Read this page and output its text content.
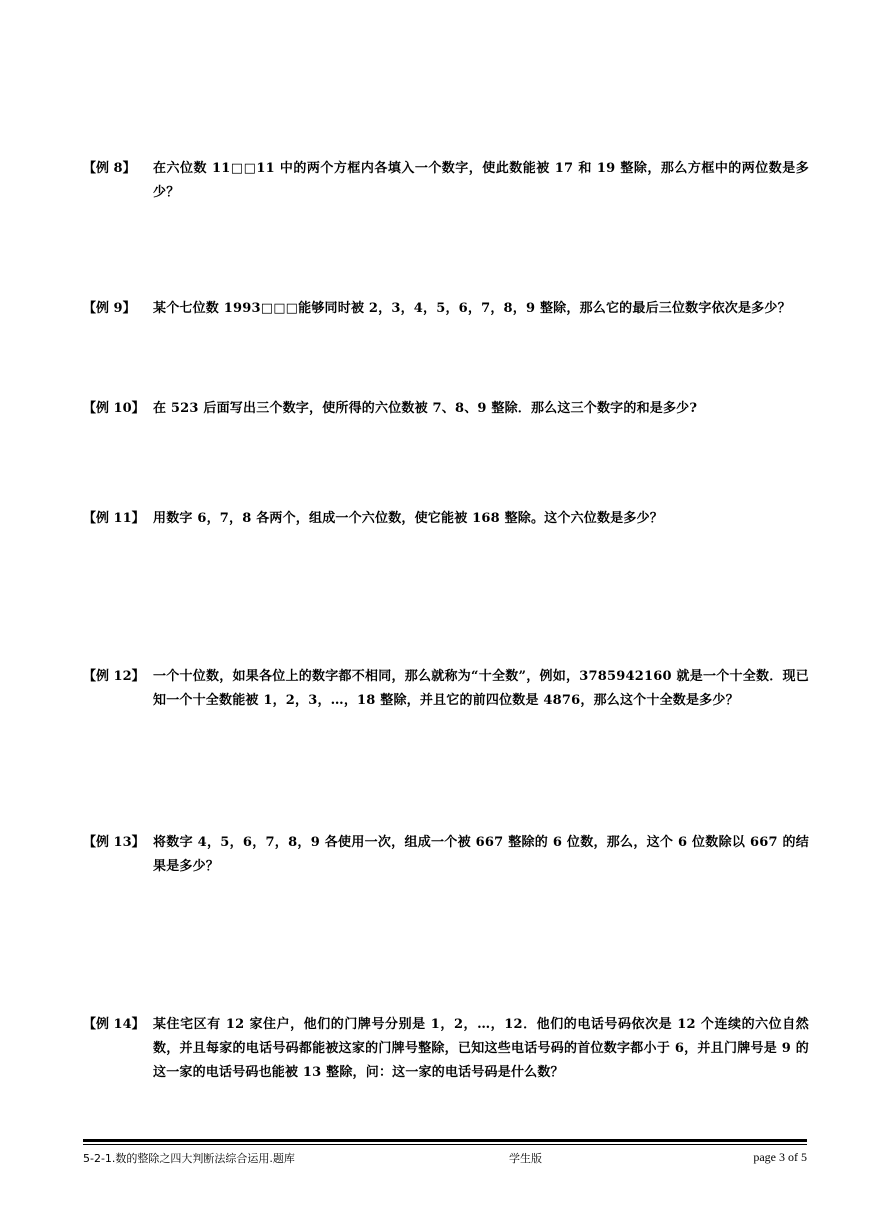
【例 8】	在六位数 11□□11 中的两个方框内各填入一个数字，使此数能被 17 和 19 整除，那么方框中的两位数是多少？
【例 9】	某个七位数 1993□□□能够同时被 2，3，4，5，6，7，8，9 整除，那么它的最后三位数字依次是多少？
【例 10】 在 523 后面写出三个数字，使所得的六位数被 7、8、9 整除．那么这三个数字的和是多少?
【例 11】 用数字 6，7，8 各两个，组成一个六位数，使它能被 168 整除。这个六位数是多少？
【例 12】 一个十位数，如果各位上的数字都不相同，那么就称为“十全数”，例如，3785942160 就是一个十全数．现已知一个十全数能被 1，2，3，…，18 整除，并且它的前四位数是 4876，那么这个十全数是多少？
【例 13】 将数字 4，5，6，7，8，9 各使用一次，组成一个被 667 整除的 6 位数，那么，这个 6 位数除以 667 的结果是多少？
【例 14】 某住宅区有 12 家住户，他们的门牌号分别是 1，2，…，12．他们的电话号码依次是 12 个连续的六位自然数，并且每家的电话号码都能被这家的门牌号整除，已知这些电话号码的首位数字都小于 6，并且门牌号是 9 的这一家的电话号码也能被 13 整除，问：这一家的电话号码是什么数？
5-2-1.数的整除之四大判断法综合运用.题库	学生版	page 3 of 5
